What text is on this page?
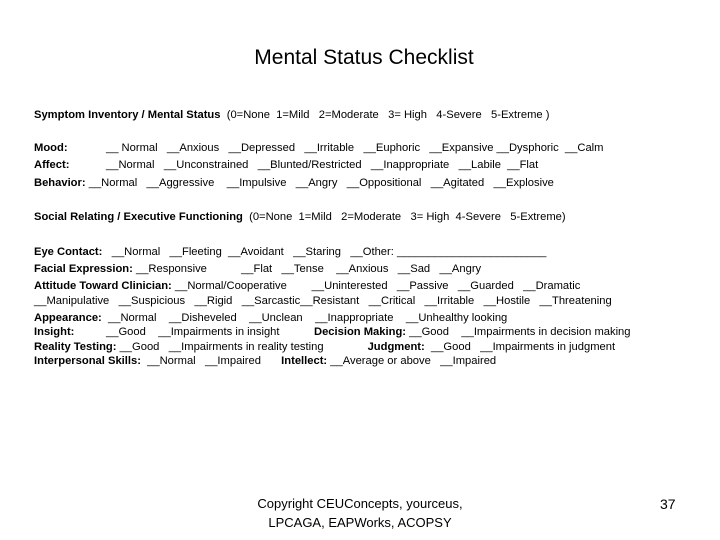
Mental Status Checklist
Symptom Inventory / Mental Status (0=None  1=Mild   2=Moderate   3= High   4-Severe   5-Extreme )
Mood:	__ Normal   __Anxious   __Depressed   __Irritable   __Euphoric   __Expansive __Dysphoric  __Calm
Affect:	__Normal   __Unconstrained   __Blunted/Restricted   __Inappropriate   __Labile  __Flat
Behavior: __Normal   __Aggressive    __Impulsive   __Angry   __Oppositional   __Agitated   __Explosive
Social Relating / Executive Functioning (0=None  1=Mild   2=Moderate   3= High  4-Severe   5-Extreme)
Eye Contact: __Normal   __Fleeting  __Avoidant   __Staring   __Other: ________________________
Facial Expression: __Responsive           __Flat   __Tense    __Anxious   __Sad   __Angry
Attitude Toward Clinician: __Normal/Cooperative        __Uninterested   __Passive   __Guarded   __Dramatic
__Manipulative   __Suspicious   __Rigid   __Sarcastic__Resistant   __Critical   __Irritable   __Hostile   __Threatening
Appearance: __Normal    __Disheveled    __Unclean    __Inappropriate    __Unhealthy looking
Insight:	__Good    __Impairments in insight	Decision Making: __Good    __Impairments in decision making
Reality Testing: __Good   __Impairments in reality testing	Judgment: __Good   __Impairments in judgment
Interpersonal Skills: __Normal   __Impaired Intellect: __Average or above   __Impaired
Copyright CEUConcepts, yourceus, LPCAGA, EAPWorks, ACOPSY
37
